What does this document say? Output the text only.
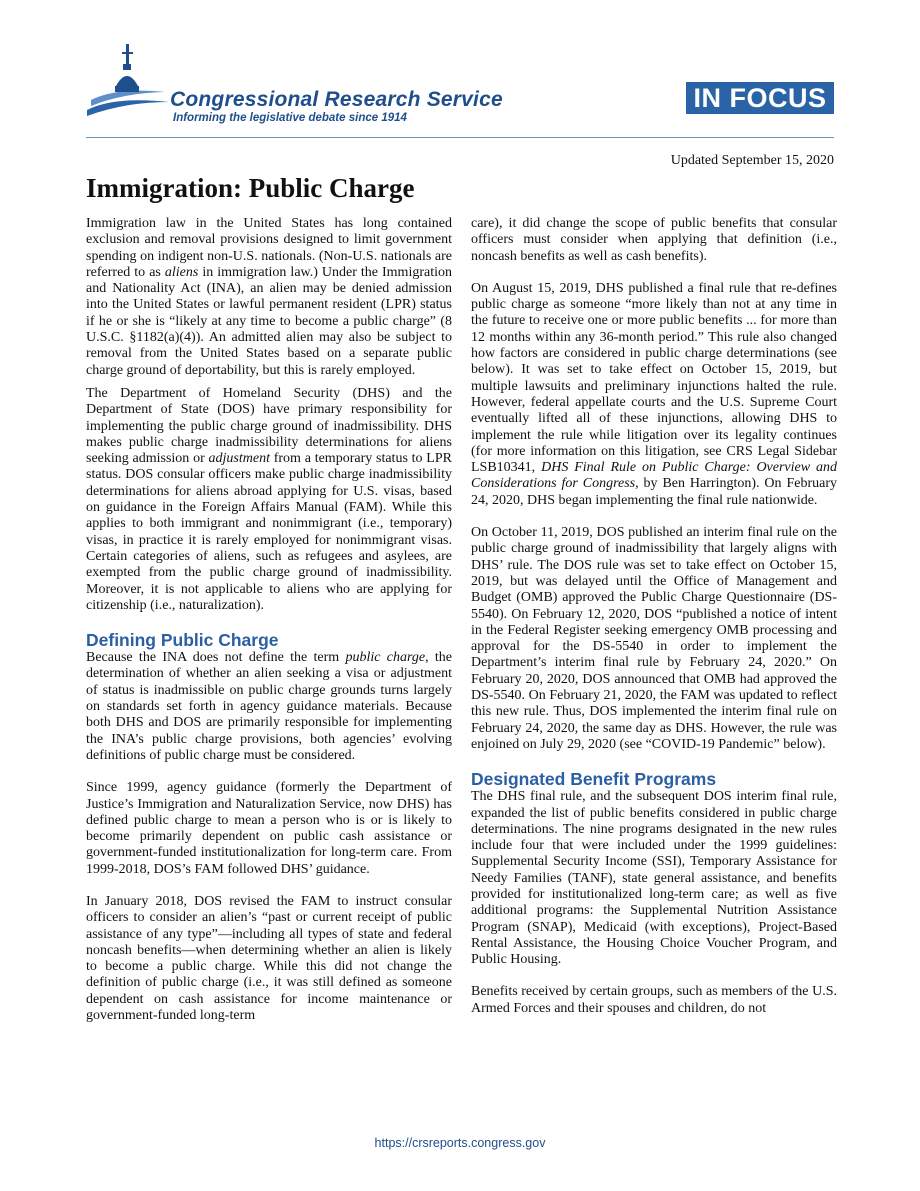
Congressional Research Service
Informing the legislative debate since 1914
IN FOCUS
Updated September 15, 2020
Immigration: Public Charge

Immigration law in the United States has long contained exclusion and removal provisions designed to limit government spending on indigent non-U.S. nationals. (Non-U.S. nationals are referred to as aliens in immigration law.) Under the Immigration and Nationality Act (INA), an alien may be denied admission into the United States or lawful permanent resident (LPR) status if he or she is “likely at any time to become a public charge” (8 U.S.C. §1182(a)(4)). An admitted alien may also be subject to removal from the United States based on a separate public charge ground of deportability, but this is rarely employed.

The Department of Homeland Security (DHS) and the Department of State (DOS) have primary responsibility for implementing the public charge ground of inadmissibility. DHS makes public charge inadmissibility determinations for aliens seeking admission or adjustment from a temporary status to LPR status. DOS consular officers make public charge inadmissibility determinations for aliens abroad applying for U.S. visas, based on guidance in the Foreign Affairs Manual (FAM). While this applies to both immigrant and nonimmigrant (i.e., temporary) visas, in practice it is rarely employed for nonimmigrant visas. Certain categories of aliens, such as refugees and asylees, are exempted from the public charge ground of inadmissibility. Moreover, it is not applicable to aliens who are applying for citizenship (i.e., naturalization).

Defining Public Charge

Because the INA does not define the term public charge, the determination of whether an alien seeking a visa or adjustment of status is inadmissible on public charge grounds turns largely on standards set forth in agency guidance materials. Because both DHS and DOS are primarily responsible for implementing the INA’s public charge provisions, both agencies’ evolving definitions of public charge must be considered.

Since 1999, agency guidance (formerly the Department of Justice’s Immigration and Naturalization Service, now DHS) has defined public charge to mean a person who is or is likely to become primarily dependent on public cash assistance or government-funded institutionalization for long-term care. From 1999-2018, DOS’s FAM followed DHS’ guidance.

In January 2018, DOS revised the FAM to instruct consular officers to consider an alien’s “past or current receipt of public assistance of any type”—including all types of state and federal noncash benefits—when determining whether an alien is likely to become a public charge. While this did not change the definition of public charge (i.e., it was still defined as someone dependent on cash assistance for income maintenance or government-funded long-term

care), it did change the scope of public benefits that consular officers must consider when applying that definition (i.e., noncash benefits as well as cash benefits).

On August 15, 2019, DHS published a final rule that re-defines public charge as someone “more likely than not at any time in the future to receive one or more public benefits ... for more than 12 months within any 36-month period.” This rule also changed how factors are considered in public charge determinations (see below). It was set to take effect on October 15, 2019, but multiple lawsuits and preliminary injunctions halted the rule. However, federal appellate courts and the U.S. Supreme Court eventually lifted all of these injunctions, allowing DHS to implement the rule while litigation over its legality continues (for more information on this litigation, see CRS Legal Sidebar LSB10341, DHS Final Rule on Public Charge: Overview and Considerations for Congress, by Ben Harrington). On February 24, 2020, DHS began implementing the final rule nationwide.

On October 11, 2019, DOS published an interim final rule on the public charge ground of inadmissibility that largely aligns with DHS’ rule. The DOS rule was set to take effect on October 15, 2019, but was delayed until the Office of Management and Budget (OMB) approved the Public Charge Questionnaire (DS-5540). On February 12, 2020, DOS “published a notice of intent in the Federal Register seeking emergency OMB processing and approval for the DS-5540 in order to implement the Department’s interim final rule by February 24, 2020.” On February 20, 2020, DOS announced that OMB had approved the DS-5540. On February 21, 2020, the FAM was updated to reflect this new rule. Thus, DOS implemented the interim final rule on February 24, 2020, the same day as DHS. However, the rule was enjoined on July 29, 2020 (see “COVID-19 Pandemic” below).

Designated Benefit Programs

The DHS final rule, and the subsequent DOS interim final rule, expanded the list of public benefits considered in public charge determinations. The nine programs designated in the new rules include four that were included under the 1999 guidelines: Supplemental Security Income (SSI), Temporary Assistance for Needy Families (TANF), state general assistance, and benefits provided for institutionalized long-term care; as well as five additional programs: the Supplemental Nutrition Assistance Program (SNAP), Medicaid (with exceptions), Project-Based Rental Assistance, the Housing Choice Voucher Program, and Public Housing.

Benefits received by certain groups, such as members of the U.S. Armed Forces and their spouses and children, do not

https://crsreports.congress.gov
